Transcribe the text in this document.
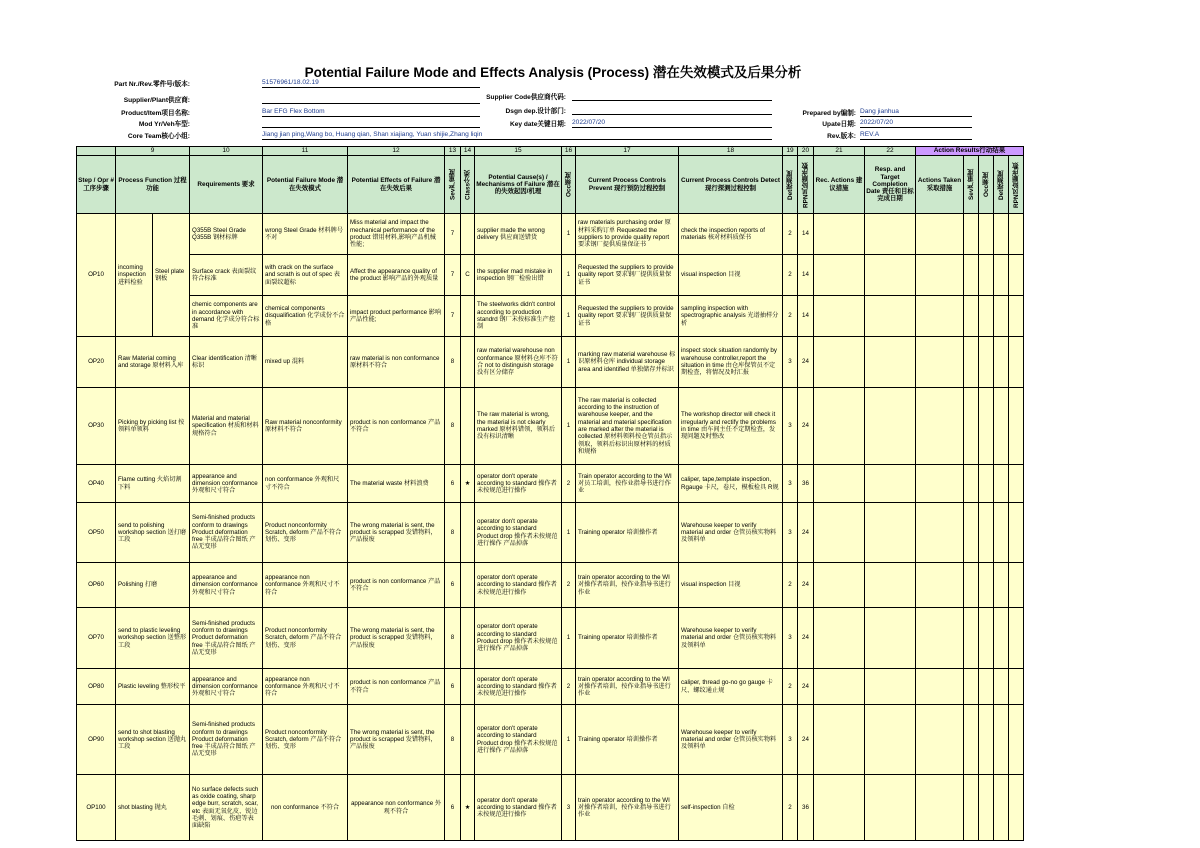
Potential Failure Mode and Effects Analysis (Process) 潜在失效模式及后果分析
Part Nr./Rev.零件号/版本:	51576961/18.02.19
Supplier/Plant供应商:	Supplier Code供应商代码:
Product/Item项目名称:	Bar EFG Flex Bottom	Dsgn dep.设计部门:	Prepared by编制: Dang jianhua
Mod Yr/Veh车型:	Key date关键日期: 2022/07/20	Upate日期: 2022/07/20
Core Team核心小组:	Jiang jian ping,Wang bo, Huang qian, Shan xiajiang, Yuan shijie,Zhang liqin	Rev.版本: REV.A
	9		10	11	12	13	14	15	16	17	18	19	20	21	22	Action Results行动结果				
Step / Opr #工序步骤	Process Function 过程功能		Requirements 要求	Potential Failure Mode 潜在失效模式	Potential Effects of Failure 潜在失效后果	Sev严重度	Class分类	Potential Cause(s) / Mechanisms of Failure 潜在的失效起因/机理	Occ频度	Current Process Controls Prevent 现行预防过程控制	Current Process Controls Detect 现行探测过程控制	Det探测度	RPN风险顺序数	Rec. Actions 建议措施	Resp. and Target Completion Date 责任和目标完成日期	Actions Taken 采取措施	Sev严重度	Occ频度	Det探测度	RPN风险顺序数
OP10	incoming inspection 进料检验	Steel plate 钢板	Q355B Steel Grade Q355B 钢材标牌	wrong Steel Grade 材料牌号不对	Miss material and impact the mechanical performance of the product 错用材料,影响产品机械性能;	7		supplier made the wrong delivery 供应商送错货	1	raw materials purchasing order 原材料采购订单 Requested the suppliers to provide quality report 要求钢厂提供质量保证书	check the inspection reports of materials 核对材料质保书	2	14							
			Surface crack 表面裂纹符合标准	with crack on the surface and scrath is out of spec 表面裂纹超标	Affect the appearance quality of the product 影响产品的外观质量	7	C	the supplier mad mistake in inspection 钢厂检验出错	1	Requested the suppliers to provide quality report 要求钢厂提供质量保证书	visual inspection 目视	2	14							
			chemic components are in accordance with demand 化学成分符合标准	chemical components disqualification 化学成份不合格	impact product performance 影响产品性能;	7		The steelworks didn't control according to production standrd 钢厂未按标准生产控制	1	Requested the suppliers to provide quality report 要求钢厂提供质量保证书	sampling inspection with spectrographic analysis 光谱抽样分析	2	14							
OP20	Raw Material coming and storage 原材料入库		Clear identification 清晰标识	mixed up 混料	raw material is non conformance 原材料不符合	8		raw material warehouse non conformance 原材料仓库不符合 not to distinguish storage 没有区分储存	1	marking raw material warehouse 标识原材料仓库 individual storage area and identified 单独储存并标识	inspect stock situation randomly by warehouse controller,report the situation in time 由仓库保管员不定期检查，将情况及时汇报	3	24							
OP30	Picking by picking list 按领料单领料		Material and material specification 材质和材料规格符合	Raw material nonconformity 原材料不符合	product is non conformance 产品不符合	8		The raw material is wrong, the material is not clearly marked 原材料错领，领料后没有标识清晰	1	The raw material is collected according to the instruction of warehouse keeper, and the material and material specification are marked after the material is collected 原材料领料按仓管员指示领取，领料后标识出原材料的材质和规格	The workshop director will check it irregularly and rectify the problems in time 由车间主任不定期检查，发现问题及时整改	3	24							
OP40	Flame cutting 火焰切割下料		appearance and dimension conformance 外观和尺寸符合	non conformance 外观和尺寸不符合	The material waste 材料浪费	6	★	operator don't operate according to standard 操作者未按规范进行操作	2	Train operator according to the WI 对员工培训，按作业指导书进行作业	caliper, tape,template inspection, Rgauge 卡尺，卷尺，模板检具 R规	3	36							
OP50	send to polishing workshop section 送打磨工段		Semi-finished products conform to drawings Product deformation free 半成品符合图纸 产品无变形	Product nonconformity Scratch, deform 产品不符合 划伤、变形	The wrong material is sent, the product is scrapped 发错物料，产品报废	8		operator don't operate according to standard Product drop 操作者未按规范进行操作 产品掉落	1	Training operator 培训操作者	Warehouse keeper to verify material and order 仓管员核实物料及领料单	3	24							
OP60	Polishing 打磨		appearance and dimension conformance 外观和尺寸符合	appearance non conformance 外观和尺寸不符合	product is non conformance 产品不符合	6		operator don't operate according to standard 操作者未按规范进行操作	2	train operator according to the WI 对操作者培训，按作业指导书进行作业	visual inspection 目视	2	24							
OP70	send to plastic leveling workshop section 送整形工段		Semi-finished products conform to drawings Product deformation free 半成品符合图纸 产品无变形	Product nonconformity Scratch, deform 产品不符合 划伤、变形	The wrong material is sent, the product is scrapped 发错物料，产品报废	8		operator don't operate according to standard Product drop 操作者未按规范进行操作 产品掉落	1	Training operator 培训操作者	Warehouse keeper to verify material and order 仓管员核实物料及领料单	3	24							
OP80	Plastic leveling 整形校平		appearance and dimension conformance 外观和尺寸符合	appearance non conformance 外观和尺寸不符合	product is non conformance 产品不符合	6		operator don't operate according to standard 操作者未按规范进行操作	2	train operator according to the WI 对操作者培训，按作业指导书进行作业	caliper, thread go-no go gauge 卡尺、螺纹通止规	2	24							
OP90	send to shot blasting workshop section 送抛丸工段		Semi-finished products conform to drawings Product deformation free 半成品符合图纸 产品无变形	Product nonconformity Scratch, deform 产品不符合 划伤、变形	The wrong material is sent, the product is scrapped 发错物料，产品报废	8		operator don't operate according to standard Product drop 操作者未按规范进行操作 产品掉落	1	Training operator 培训操作者	Warehouse keeper to verify material and order 仓管员核实物料及领料单	3	24							
OP100	shot blasting 抛丸		No surface defects such as oxide coating, sharp edge burr, scratch, scar, etc 表面无氧化皮、锐边毛刺、划痕、伤疤等表面缺陷	non conformance 不符合	appearance non conformance 外观不符合	6	★	operator don't operate according to standard 操作者未按规范进行操作	3	train operator according to the WI 对操作者培训，按作业指导书进行作业	self-inspection 自检	2	36							
